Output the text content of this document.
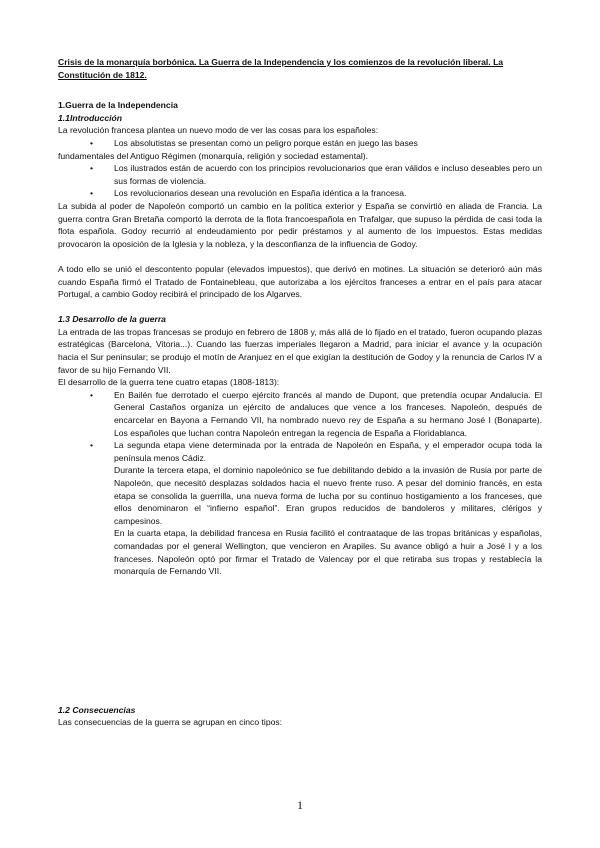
Crisis de la monarquía borbónica. La Guerra de la Independencia y los comienzos de la revolución liberal. La Constitución de 1812.
1.Guerra de la Independencia
1.1Introducción

La revolución francesa plantea un nuevo modo de ver las cosas para los españoles:

• Los absolutistas se presentan como un peligro porque están en juego las bases
fundamentales del Antiguo Régimen (monarquía, religión y sociedad estamental).
• Los ilustrados están de acuerdo con los principios revolucionarios que eran válidos e incluso deseables pero un sus formas de violencia.
• Los revolucionarios desean una revolución en España idéntica a la francesa.

La subida al poder de Napoleón comportó un cambio en la política exterior y España se convirtió en aliada de Francia. La guerra contra Gran Bretaña comportó la derrota de la flota francoespañola en Trafalgar, que supuso la pérdida de casi toda la flota española. Godoy recurrió al endeudamiento por pedir préstamos y al aumento de los impuestos. Estas medidas provocaron la oposición de la Iglesia y la nobleza, y la desconfianza de la influencia de Godoy.

A todo ello se unió el descontento popular (elevados impuestos), que derivó en motines. La situación se deterioró aún más cuando España firmó el Tratado de Fontainebleau, que autorizaba a los ejércitos franceses a entrar en el país para atacar Portugal, a cambio Godoy recibirá el principado de los Algarves.

1.3 Desarrollo de la guerra

La entrada de las tropas francesas se produjo en febrero de 1808 y, más allá de lo fijado en el tratado, fueron ocupando plazas estratégicas (Barcelona, Vitoria...). Cuando las fuerzas imperiales llegaron a Madrid, para iniciar el avance y la ocupación hacia el Sur peninsular; se produjo el motín de Aranjuez en el que exigían la destitución de Godoy y la renuncia de Carlos IV a favor de su hijo Fernando VII.

El desarrollo de la guerra tene cuatro etapas (1808-1813):

• En Bailén fue derrotado el cuerpo ejército francés al mando de Dupont, que pretendía ocupar Andalucía. El General Castaños organiza un ejército de andaluces que vence a los franceses. Napoleón, después de encarcelar en Bayona a Fernando VII, ha nombrado nuevo rey de España a su hermano José I (Bonaparte). Los españoles que luchan contra Napoleón entregan la regencia de España a Floridablanca.
• La segunda etapa viene determinada por la entrada de Napoleón en España, y el emperador ocupa toda la península menos Cádiz.

Durante la tercera etapa, el dominio napoleónico se fue debilitando debido a la invasión de Rusia por parte de Napoleón, que necesitó desplazas soldados hacia el nuevo frente ruso. A pesar del dominio francés, en esta etapa se consolida la guerrilla, una nueva forma de lucha por su continuo hostigamiento a los franceses, que ellos denominaron el “infierno español”. Eran grupos reducidos de bandoleros y militares, clérigos y campesinos.

En la cuarta etapa, la debilidad francesa en Rusia facilitó el contraataque de las tropas británicas y españolas, comandadas por el general Wellington, que vencieron en Arapiles. Su avance obligó a huir a José I y a los franceses. Napoleón optó por firmar el Tratado de Valencay por el que retiraba sus tropas y restablecía la monarquía de Fernando VII.

1.2 Consecuencias

Las consecuencias de la guerra se agrupan en cinco tipos:

1
